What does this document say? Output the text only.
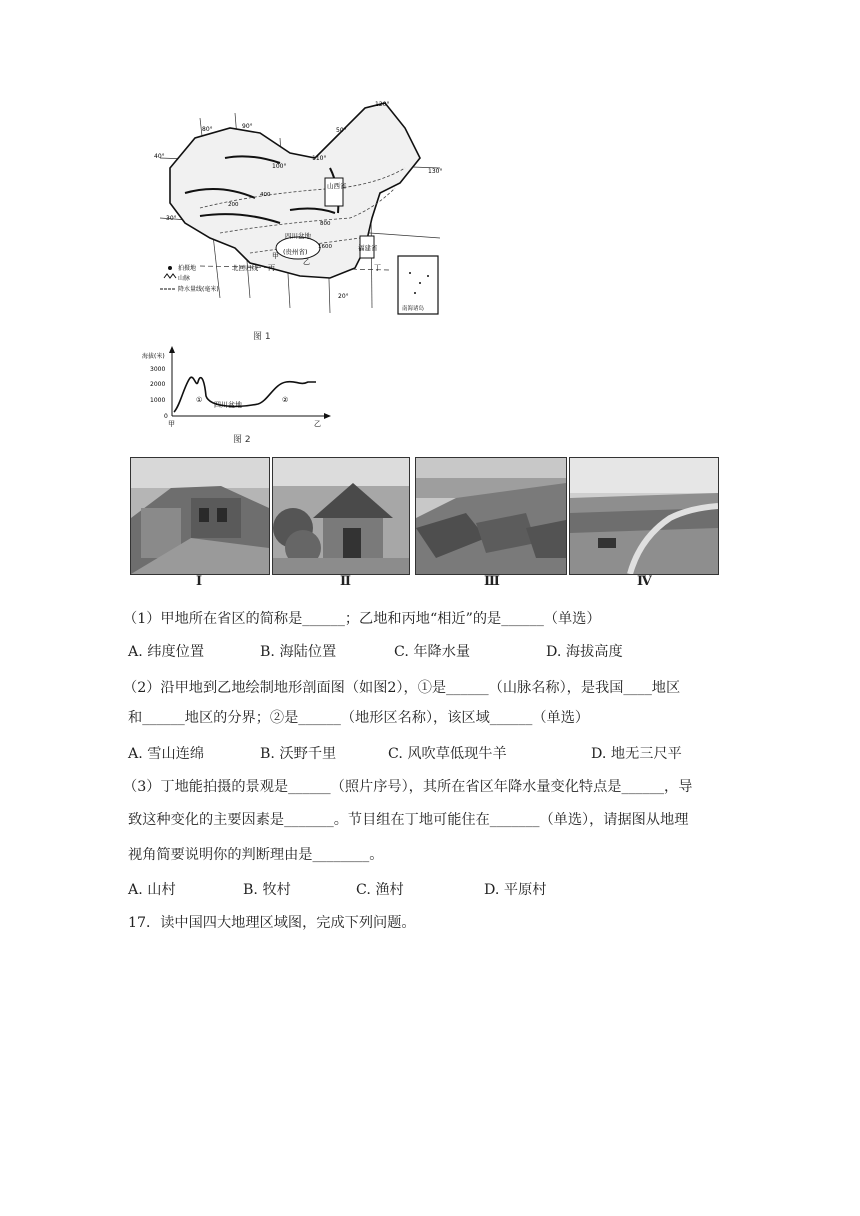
山西省
四川盆地
(贵州省)	福建省
北回归线
南海诸岛
甲
乙
丙	丁
80°	90°
100°
110°
120°
130°
40°
30°
50°
20°
200
400
800
1600
拍摄地
山脉
降水量线(毫米)
图 1
海拔(米)
3000
2000
1000
0
①
四川盆地
②
甲	乙
图 2
Ⅰ	Ⅱ	Ⅲ	Ⅳ
（1）甲地所在省区的简称是______；乙地和丙地“相近”的是______（单选）
A. 纬度位置	B. 海陆位置	C. 年降水量	D. 海拔高度
（2）沿甲地到乙地绘制地形剖面图（如图2），①是______（山脉名称），是我国____地区
和______地区的分界；②是______（地形区名称），该区域______（单选）
A. 雪山连绵	B. 沃野千里	C. 风吹草低现牛羊	D. 地无三尺平
（3）丁地能拍摄的景观是______（照片序号），其所在省区年降水量变化特点是______，导
致这种变化的主要因素是_______。节目组在丁地可能住在_______（单选），请据图从地理
视角简要说明你的判断理由是________。
A. 山村	B. 牧村	C. 渔村	D. 平原村
17．读中国四大地理区域图，完成下列问题。
